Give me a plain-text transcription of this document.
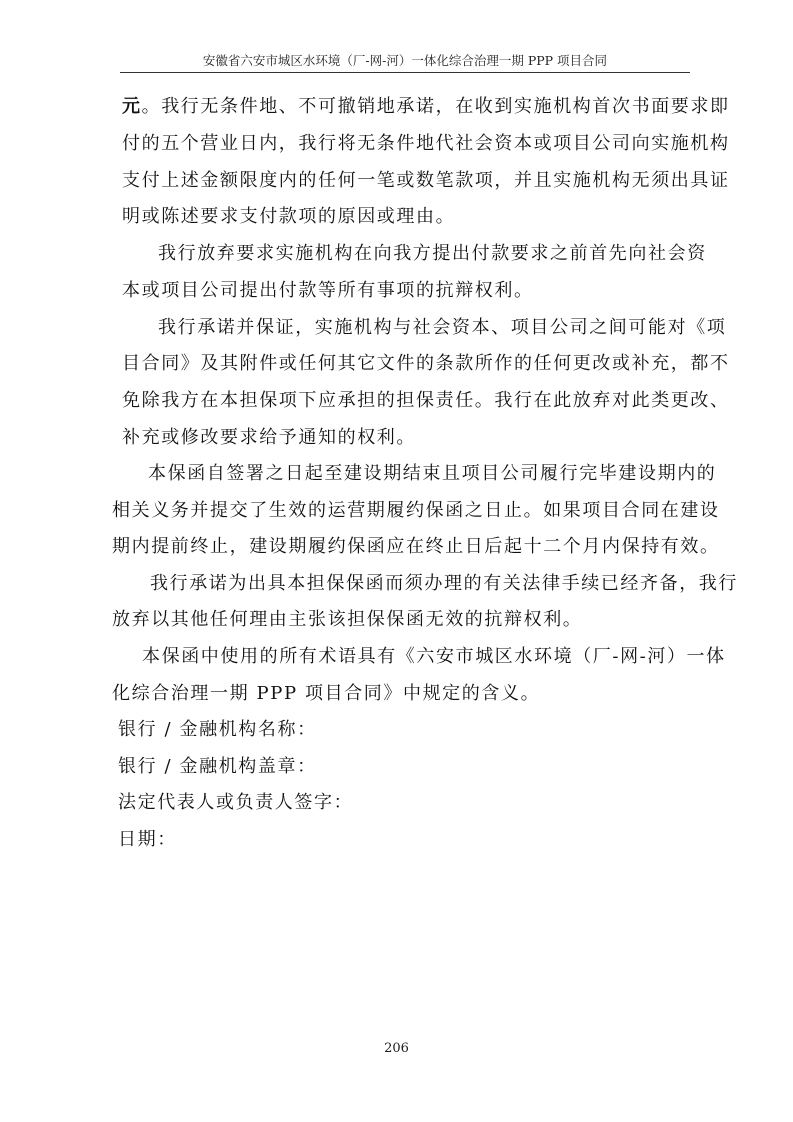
安徽省六安市城区水环境（厂-网-河）一体化综合治理一期 PPP 项目合同
元。我行无条件地、不可撤销地承诺，在收到实施机构首次书面要求即
付的五个营业日内，我行将无条件地代社会资本或项目公司向实施机构
支付上述金额限度内的任何一笔或数笔款项，并且实施机构无须出具证
明或陈述要求支付款项的原因或理由。
我行放弃要求实施机构在向我方提出付款要求之前首先向社会资
本或项目公司提出付款等所有事项的抗辩权利。
我行承诺并保证，实施机构与社会资本、项目公司之间可能对《项
目合同》及其附件或任何其它文件的条款所作的任何更改或补充，都不
免除我方在本担保项下应承担的担保责任。我行在此放弃对此类更改、
补充或修改要求给予通知的权利。
本保函自签署之日起至建设期结束且项目公司履行完毕建设期内的
相关义务并提交了生效的运营期履约保函之日止。如果项目合同在建设
期内提前终止，建设期履约保函应在终止日后起十二个月内保持有效。
我行承诺为出具本担保保函而须办理的有关法律手续已经齐备，我行
放弃以其他任何理由主张该担保保函无效的抗辩权利。
本保函中使用的所有术语具有《六安市城区水环境（厂-网-河）一体
化综合治理一期 PPP 项目合同》中规定的含义。
银行 / 金融机构名称：
银行 / 金融机构盖章：
法定代表人或负责人签字：
日期：
206
